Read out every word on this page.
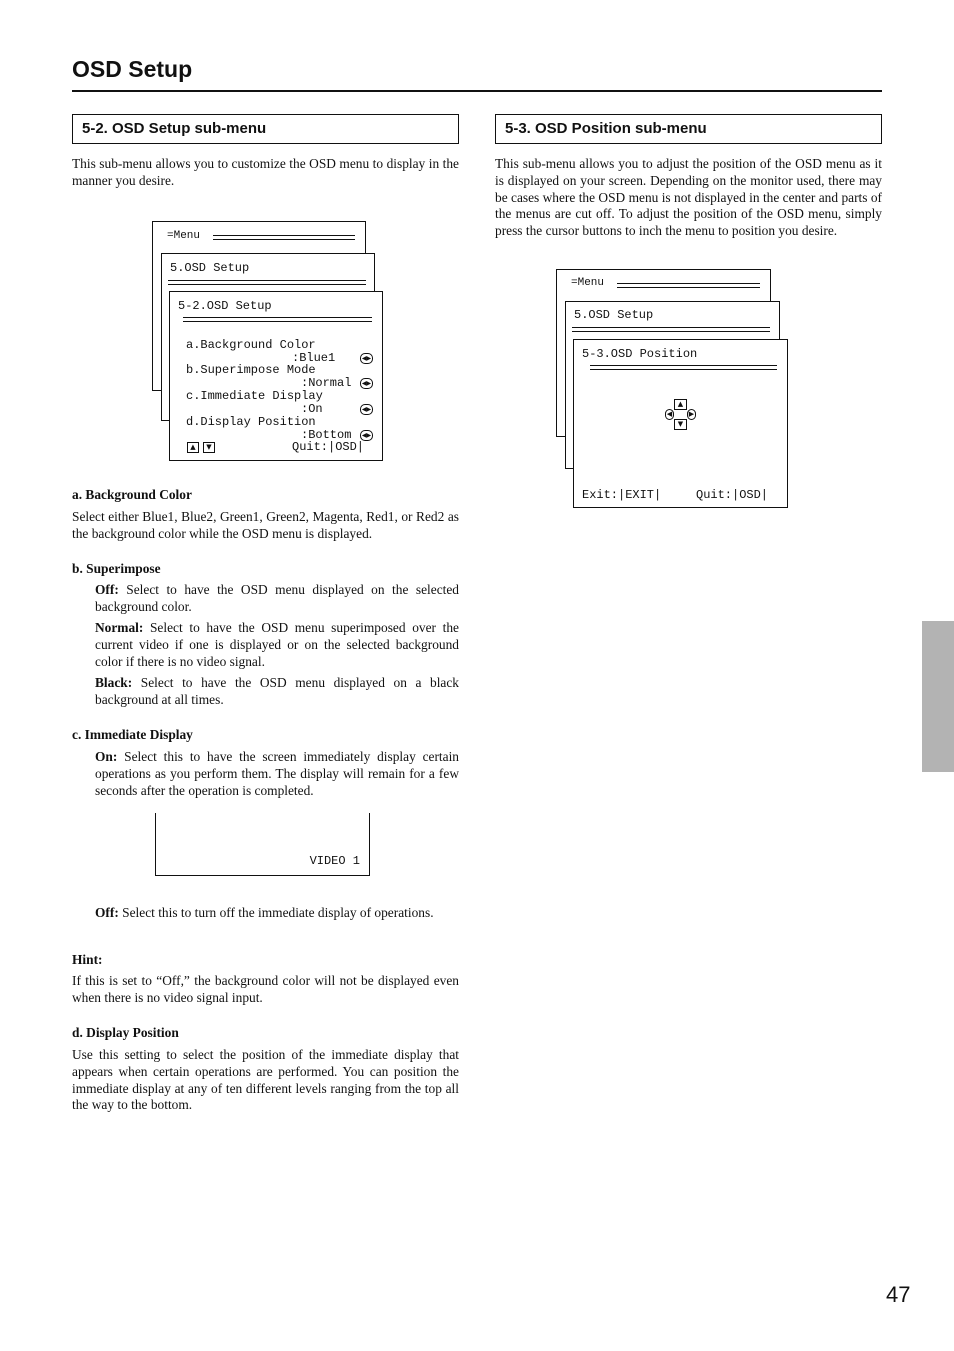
OSD Setup
5-2. OSD Setup sub-menu
This sub-menu allows you to customize the OSD menu to display in the manner you desire.
=Menu
5.OSD Setup
5-2.OSD Setup
a.Background Color
:Blue1	◀▶
b.Superimpose Mode
:Normal	◀▶
c.Immediate Display
:On	◀▶
d.Display Position
:Bottom	◀▶
▲	▼	Quit:|OSD|
a. Background Color
Select either Blue1, Blue2, Green1, Green2, Magenta, Red1, or Red2 as the background color while the OSD menu is displayed.
b. Superimpose
Off: Select to have the OSD menu displayed on the selected background color.
Normal: Select to have the OSD menu superimposed over the current video if one is displayed or on the selected background color if there is no video signal.
Black: Select to have the OSD menu displayed on a black background at all times.
c. Immediate Display
On: Select this to have the screen immediately display certain operations as you perform them. The display will remain for a few seconds after the operation is completed.
VIDEO 1
Off: Select this to turn off the immediate display of operations.
Hint:
If this is set to “Off,” the background color will not be displayed even when there is no video signal input.
d. Display Position
Use this setting to select the position of the immediate display that appears when certain operations are performed. You can position the immediate display at any of ten different levels ranging from the top all the way to the bottom.
5-3. OSD Position sub-menu
This sub-menu allows you to adjust the position of the OSD menu as it is displayed on your screen. Depending on the monitor used, there may be cases where the OSD menu is not displayed in the center and parts of the menus are cut off. To adjust the position of the OSD menu, simply press the cursor buttons to inch the menu to position you desire.
=Menu
5.OSD Setup
5-3.OSD Position
▲
◀ ▶
▼
Exit:|EXIT|	Quit:|OSD|
47
